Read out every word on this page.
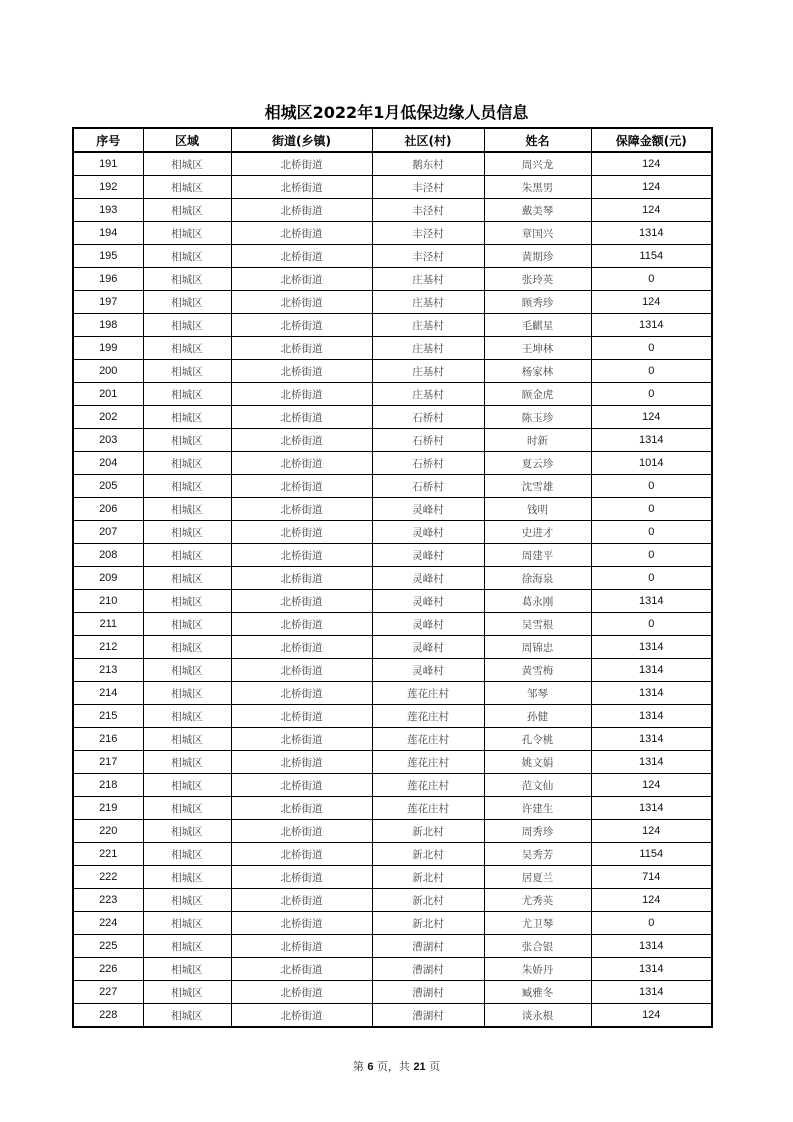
相城区2022年1月低保边缘人员信息
序号	区域	街道(乡镇)	社区(村)	姓名	保障金额(元)
191	相城区	北桥街道	鹅东村	周兴龙	124
192	相城区	北桥街道	丰泾村	朱黑男	124
193	相城区	北桥街道	丰泾村	戴美琴	124
194	相城区	北桥街道	丰泾村	章国兴	1314
195	相城区	北桥街道	丰泾村	黄期珍	1154
196	相城区	北桥街道	庄基村	张玲英	0
197	相城区	北桥街道	庄基村	顾秀珍	124
198	相城区	北桥街道	庄基村	毛麒星	1314
199	相城区	北桥街道	庄基村	王坤林	0
200	相城区	北桥街道	庄基村	杨家林	0
201	相城区	北桥街道	庄基村	顾金虎	0
202	相城区	北桥街道	石桥村	陈玉珍	124
203	相城区	北桥街道	石桥村	时新	1314
204	相城区	北桥街道	石桥村	夏云珍	1014
205	相城区	北桥街道	石桥村	沈雪雄	0
206	相城区	北桥街道	灵峰村	钱明	0
207	相城区	北桥街道	灵峰村	史进才	0
208	相城区	北桥街道	灵峰村	周建平	0
209	相城区	北桥街道	灵峰村	徐海泉	0
210	相城区	北桥街道	灵峰村	葛永刚	1314
211	相城区	北桥街道	灵峰村	吴雪根	0
212	相城区	北桥街道	灵峰村	周锦忠	1314
213	相城区	北桥街道	灵峰村	黄雪梅	1314
214	相城区	北桥街道	莲花庄村	邹琴	1314
215	相城区	北桥街道	莲花庄村	孙健	1314
216	相城区	北桥街道	莲花庄村	孔令桃	1314
217	相城区	北桥街道	莲花庄村	姚文娟	1314
218	相城区	北桥街道	莲花庄村	范文仙	124
219	相城区	北桥街道	莲花庄村	许建生	1314
220	相城区	北桥街道	新北村	周秀珍	124
221	相城区	北桥街道	新北村	吴秀芳	1154
222	相城区	北桥街道	新北村	居夏兰	714
223	相城区	北桥街道	新北村	尤秀英	124
224	相城区	北桥街道	新北村	尤卫琴	0
225	相城区	北桥街道	漕湖村	张合银	1314
226	相城区	北桥街道	漕湖村	朱娇丹	1314
227	相城区	北桥街道	漕湖村	臧雅冬	1314
228	相城区	北桥街道	漕湖村	谈永根	124
第 6 页，共 21 页
